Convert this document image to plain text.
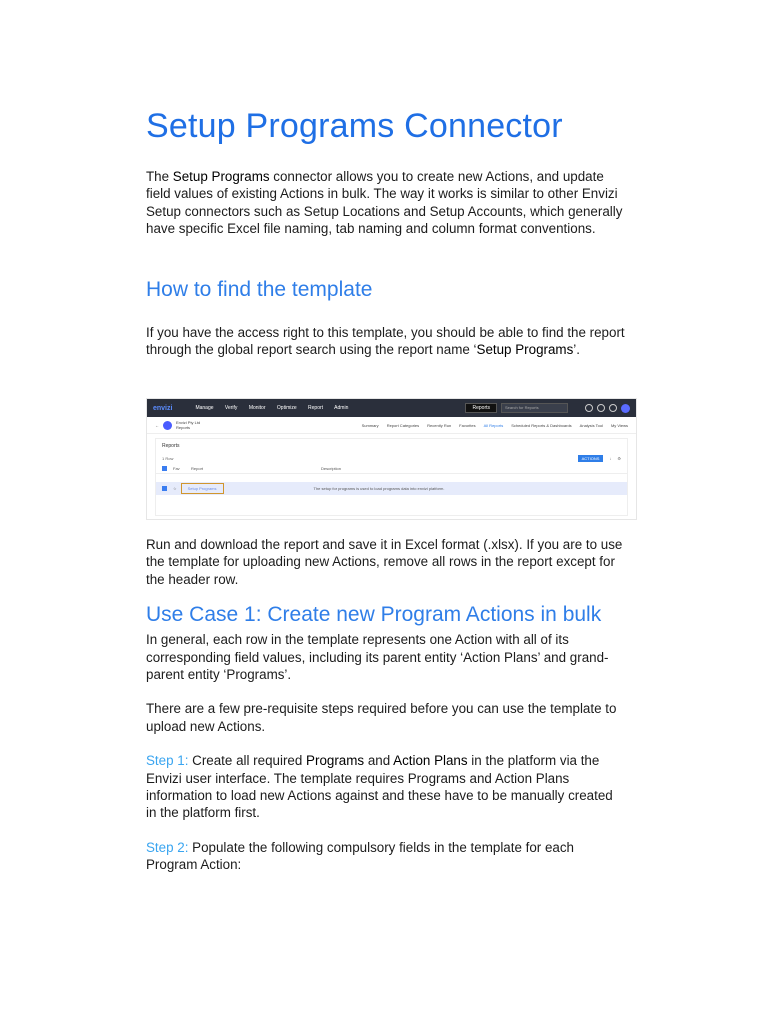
Setup Programs Connector

The Setup Programs connector allows you to create new Actions, and update field values of existing Actions in bulk. The way it works is similar to other Envizi Setup connectors such as Setup Locations and Setup Accounts, which generally have specific Excel file naming, tab naming and column format conventions.

How to find the template

If you have the access right to this template, you should be able to find the report through the global report search using the report name ‘Setup Programs’.

envizi	Manage Verify Monitor Optimize Report Admin	Reports	Search for Reports
←	Envizi Pty Ltd
Reports	Summary Report Categories Recently Run Favorites All Reports Scheduled Reports & Dashboards Analysis Tool My Views
Reports
1 Row	ACTIONS	↓ ⚙
Fav	Report	Description
☆	Setup Programs	The setup for programs is used to load programs data into envizi platform.

Run and download the report and save it in Excel format (.xlsx). If you are to use the template for uploading new Actions, remove all rows in the report except for the header row.

Use Case 1: Create new Program Actions in bulk

In general, each row in the template represents one Action with all of its corresponding field values, including its parent entity ‘Action Plans’ and grand-parent entity ‘Programs’.

There are a few pre-requisite steps required before you can use the template to upload new Actions.

Step 1: Create all required Programs and Action Plans in the platform via the Envizi user interface. The template requires Programs and Action Plans information to load new Actions against and these have to be manually created in the platform first.

Step 2: Populate the following compulsory fields in the template for each Program Action:
